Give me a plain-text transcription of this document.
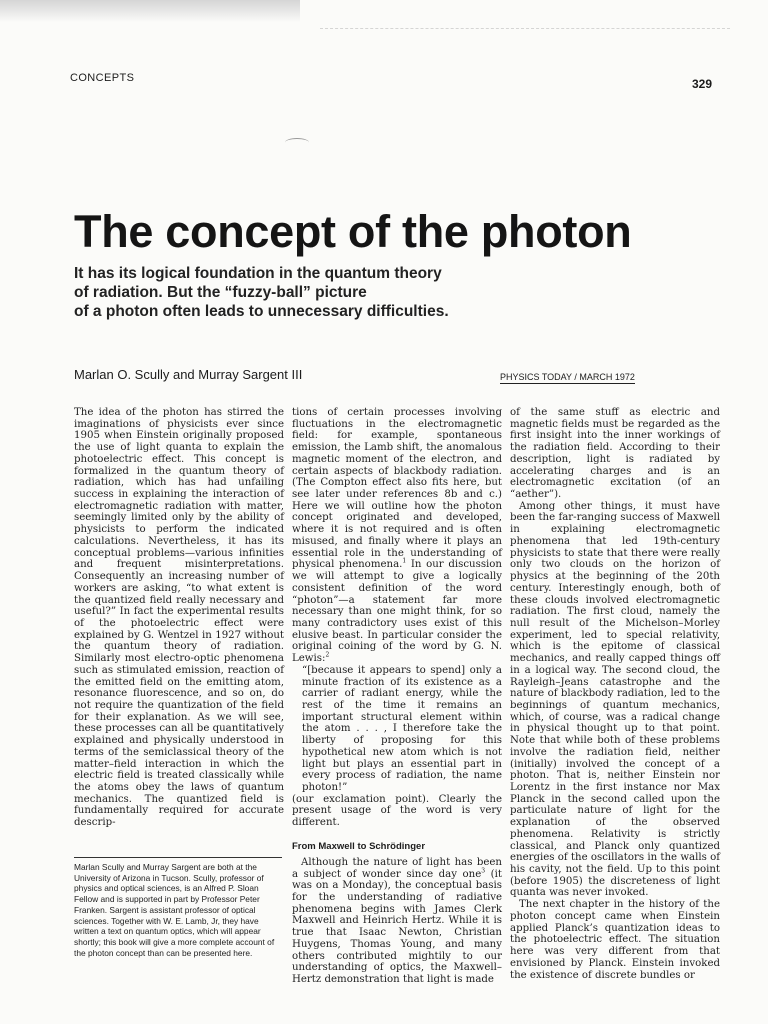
CONCEPTS	329
The concept of the photon
It has its logical foundation in the quantum theory
of radiation. But the “fuzzy-ball” picture
of a photon often leads to unnecessary difficulties.
Marlan O. Scully and Murray Sargent III	PHYSICS TODAY / MARCH 1972

The idea of the photon has stirred the imaginations of physicists ever since 1905 when Einstein originally proposed the use of light quanta to explain the photoelectric effect. This concept is formalized in the quantum theory of radiation, which has had unfailing success in explaining the interaction of electromagnetic radiation with matter, seemingly limited only by the ability of physicists to perform the indicated calculations. Nevertheless, it has its conceptual problems—various infinities and frequent misinterpretations. Consequently an increasing number of workers are asking, “to what extent is the quantized field really necessary and useful?” In fact the experimental results of the photoelectric effect were explained by G. Wentzel in 1927 without the quantum theory of radiation. Similarly most electro-optic phenomena such as stimulated emission, reaction of the emitted field on the emitting atom, resonance fluorescence, and so on, do not require the quantization of the field for their explanation. As we will see, these processes can all be quantitatively explained and physically understood in terms of the semiclassical theory of the matter–field interaction in which the electric field is treated classically while the atoms obey the laws of quantum mechanics. The quantized field is fundamentally required for accurate descrip-

tions of certain processes involving fluctuations in the electromagnetic field: for example, spontaneous emission, the Lamb shift, the anomalous magnetic moment of the electron, and certain aspects of blackbody radiation. (The Compton effect also fits here, but see later under references 8b and c.) Here we will outline how the photon concept originated and developed, where it is not required and is often misused, and finally where it plays an essential role in the understanding of physical phenomena.$^1$ In our discussion we will attempt to give a logically consistent definition of the word “photon”—a statement far more necessary than one might think, for so many contradictory uses exist of this elusive beast. In particular consider the original coining of the word by G. N. Lewis:$^2$

“[because it appears to spend] only a minute fraction of its existence as a carrier of radiant energy, while the rest of the time it remains an important structural element within the atom . . . , I therefore take the liberty of proposing for this hypothetical new atom which is not light but plays an essential part in every process of radiation, the name photon!”

(our exclamation point). Clearly the present usage of the word is very different.

From Maxwell to Schrödinger

Although the nature of light has been a subject of wonder since day one$^3$ (it was on a Monday), the conceptual basis for the understanding of radiative phenomena begins with James Clerk Maxwell and Heinrich Hertz. While it is true that Isaac Newton, Christian Huygens, Thomas Young, and many others contributed mightily to our understanding of optics, the Maxwell–Hertz demonstration that light is made

of the same stuff as electric and magnetic fields must be regarded as the first insight into the inner workings of the radiation field. According to their description, light is radiated by accelerating charges and is an electromagnetic excitation (of an “aether”).

Among other things, it must have been the far-ranging success of Maxwell in explaining electromagnetic phenomena that led 19th-century physicists to state that there were really only two clouds on the horizon of physics at the beginning of the 20th century. Interestingly enough, both of these clouds involved electromagnetic radiation. The first cloud, namely the null result of the Michelson–Morley experiment, led to special relativity, which is the epitome of classical mechanics, and really capped things off in a logical way. The second cloud, the Rayleigh–Jeans catastrophe and the nature of blackbody radiation, led to the beginnings of quantum mechanics, which, of course, was a radical change in physical thought up to that point. Note that while both of these problems involve the radiation field, neither (initially) involved the concept of a photon. That is, neither Einstein nor Lorentz in the first instance nor Max Planck in the second called upon the particulate nature of light for the explanation of the observed phenomena. Relativity is strictly classical, and Planck only quantized energies of the oscillators in the walls of his cavity, not the field. Up to this point (before 1905) the discreteness of light quanta was never invoked.

The next chapter in the history of the photon concept came when Einstein applied Planck’s quantization ideas to the photoelectric effect. The situation here was very different from that envisioned by Planck. Einstein invoked the existence of discrete bundles or

Marlan Scully and Murray Sargent are both at the University of Arizona in Tucson. Scully, professor of physics and optical sciences, is an Alfred P. Sloan Fellow and is supported in part by Professor Peter Franken. Sargent is assistant professor of optical sciences. Together with W. E. Lamb, Jr, they have written a text on quantum optics, which will appear shortly; this book will give a more complete account of the photon concept than can be presented here.
